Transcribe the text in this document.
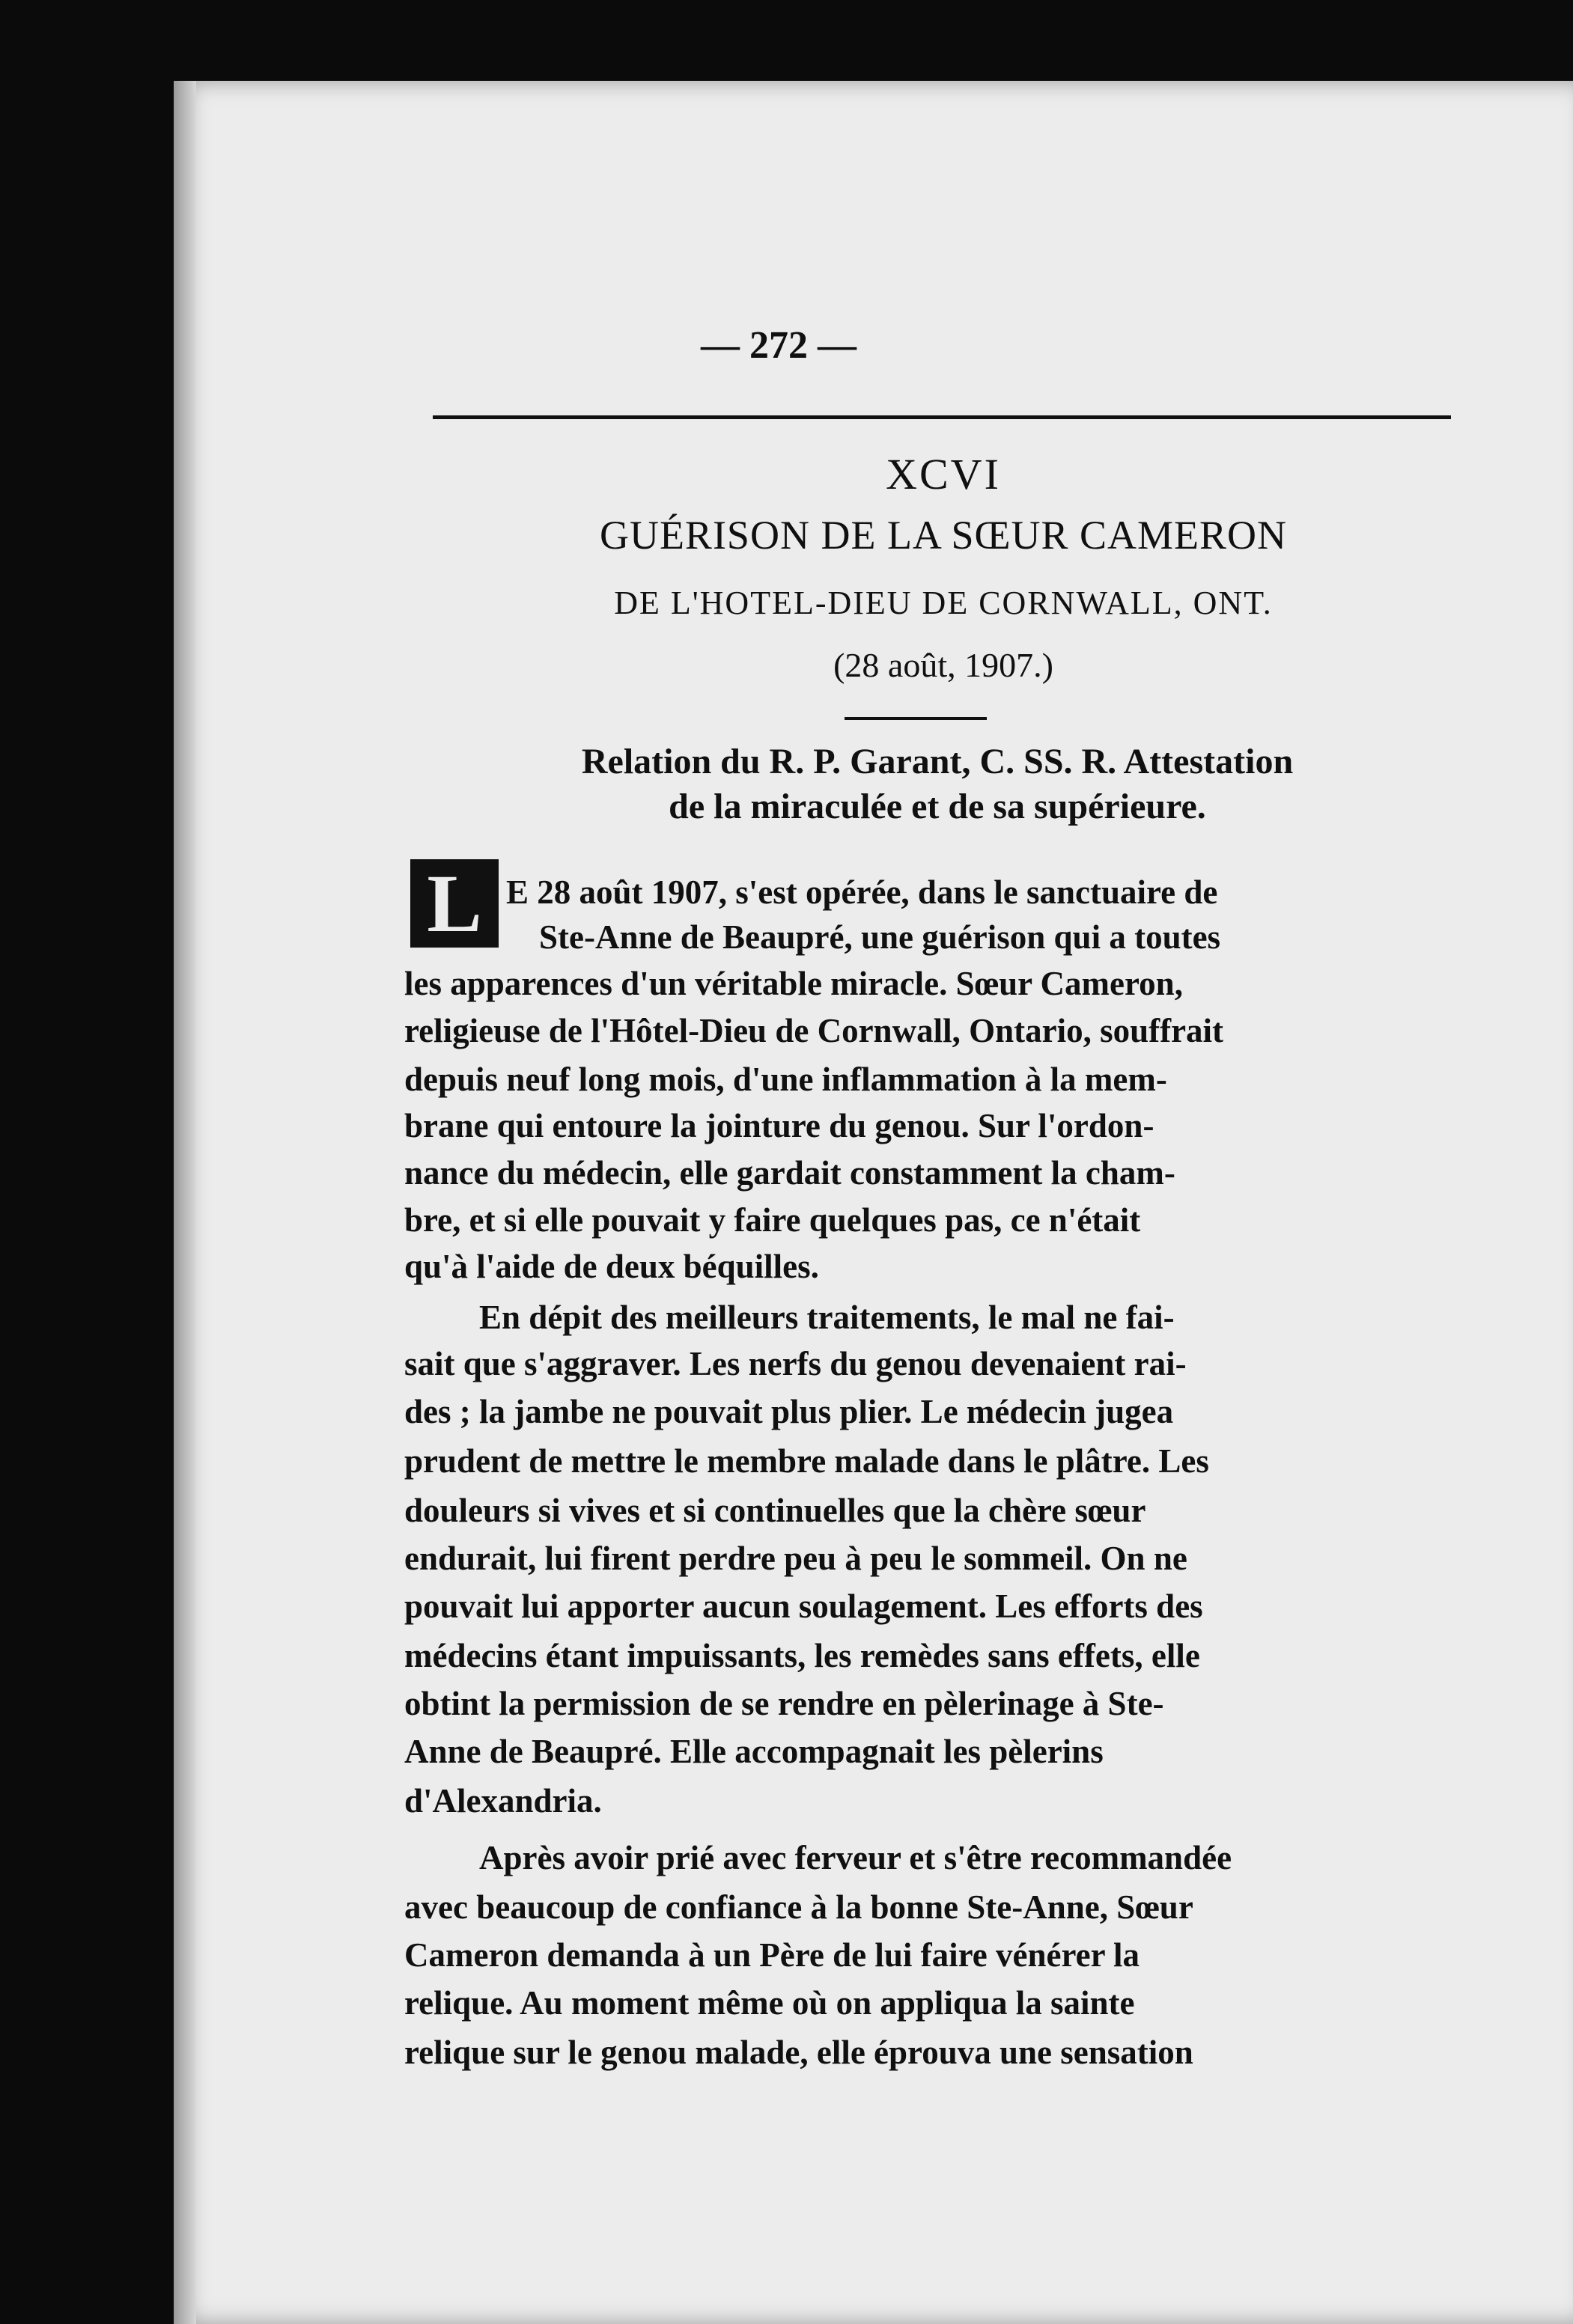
— 272 —
XCVI
GUÉRISON DE LA SŒUR CAMERON
DE L'HOTEL-DIEU DE CORNWALL, ONT.
(28 août, 1907.)
Relation du R. P. Garant, C. SS. R. Attestation
de la miraculée et de sa supérieure.
L E 28 août 1907, s'est opérée, dans le sanctuaire de
Ste-Anne de Beaupré, une guérison qui a toutes
les apparences d'un véritable miracle. Sœur Cameron,
religieuse de l'Hôtel-Dieu de Cornwall, Ontario, souffrait
depuis neuf long mois, d'une inflammation à la mem-
brane qui entoure la jointure du genou. Sur l'ordon-
nance du médecin, elle gardait constamment la cham-
bre, et si elle pouvait y faire quelques pas, ce n'était
qu'à l'aide de deux béquilles.
En dépit des meilleurs traitements, le mal ne fai-
sait que s'aggraver. Les nerfs du genou devenaient rai-
des ; la jambe ne pouvait plus plier. Le médecin jugea
prudent de mettre le membre malade dans le plâtre. Les
douleurs si vives et si continuelles que la chère sœur
endurait, lui firent perdre peu à peu le sommeil. On ne
pouvait lui apporter aucun soulagement. Les efforts des
médecins étant impuissants, les remèdes sans effets, elle
obtint la permission de se rendre en pèlerinage à Ste-
Anne de Beaupré. Elle accompagnait les pèlerins
d'Alexandria.
Après avoir prié avec ferveur et s'être recommandée
avec beaucoup de confiance à la bonne Ste-Anne, Sœur
Cameron demanda à un Père de lui faire vénérer la
relique. Au moment même où on appliqua la sainte
relique sur le genou malade, elle éprouva une sensation
